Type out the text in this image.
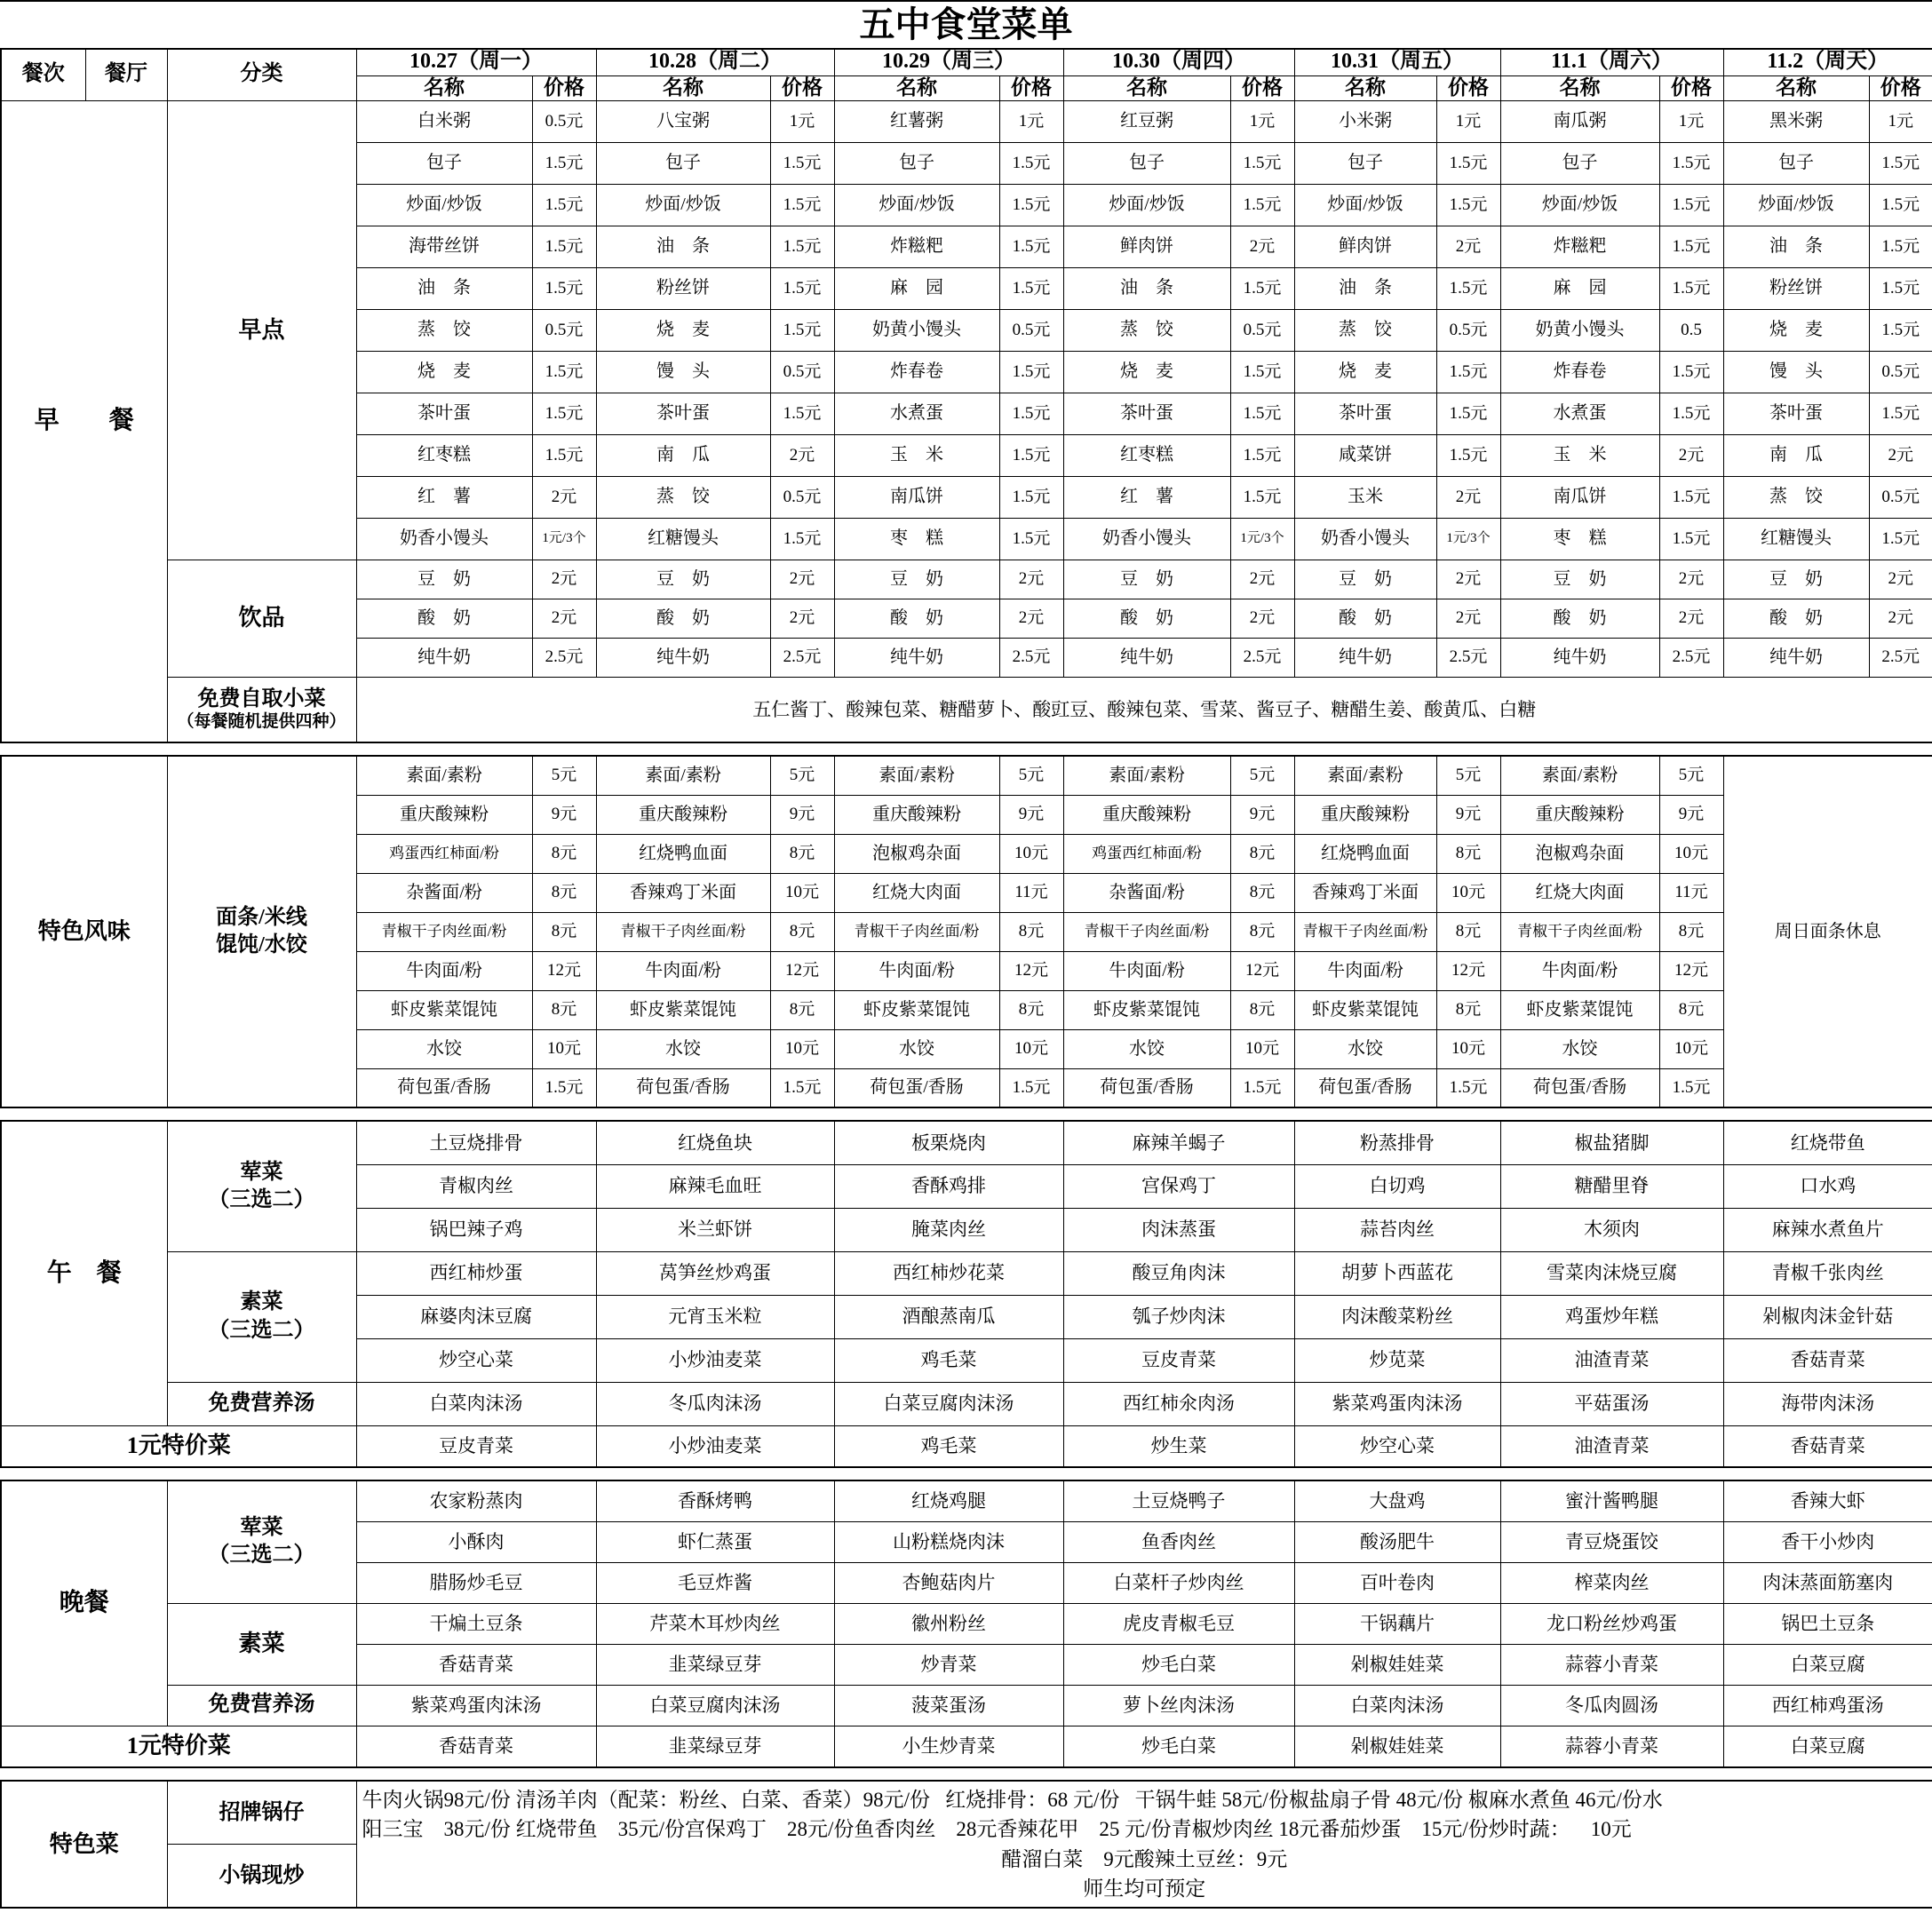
五中食堂菜单
餐次	餐厅	分类	10.27（周一）		10.28（周二）		10.29（周三）		10.30（周四）		10.31（周五）		11.1（周六）		11.2（周天）	
			名称	价格	名称	价格	名称	价格	名称	价格	名称	价格	名称	价格	名称	价格
早　　餐		早点	白米粥	0.5元	八宝粥	1元	红薯粥	1元	红豆粥	1元	小米粥	1元	南瓜粥	1元	黑米粥	1元
			包子	1.5元	包子	1.5元	包子	1.5元	包子	1.5元	包子	1.5元	包子	1.5元	包子	1.5元
			炒面/炒饭	1.5元	炒面/炒饭	1.5元	炒面/炒饭	1.5元	炒面/炒饭	1.5元	炒面/炒饭	1.5元	炒面/炒饭	1.5元	炒面/炒饭	1.5元
			海带丝饼	1.5元	油　条	1.5元	炸糍粑	1.5元	鲜肉饼	2元	鲜肉饼	2元	炸糍粑	1.5元	油　条	1.5元
			油　条	1.5元	粉丝饼	1.5元	麻　园	1.5元	油　条	1.5元	油　条	1.5元	麻　园	1.5元	粉丝饼	1.5元
			蒸　饺	0.5元	烧　麦	1.5元	奶黄小馒头	0.5元	蒸　饺	0.5元	蒸　饺	0.5元	奶黄小馒头	0.5	烧　麦	1.5元
			烧　麦	1.5元	馒　头	0.5元	炸春卷	1.5元	烧　麦	1.5元	烧　麦	1.5元	炸春卷	1.5元	馒　头	0.5元
			茶叶蛋	1.5元	茶叶蛋	1.5元	水煮蛋	1.5元	茶叶蛋	1.5元	茶叶蛋	1.5元	水煮蛋	1.5元	茶叶蛋	1.5元
			红枣糕	1.5元	南　瓜	2元	玉　米	1.5元	红枣糕	1.5元	咸菜饼	1.5元	玉　米	2元	南　瓜	2元
			红　薯	2元	蒸　饺	0.5元	南瓜饼	1.5元	红　薯	1.5元	玉米	2元	南瓜饼	1.5元	蒸　饺	0.5元
			奶香小馒头	1元/3个	红糖馒头	1.5元	枣　糕	1.5元	奶香小馒头	1元/3个	奶香小馒头	1元/3个	枣　糕	1.5元	红糖馒头	1.5元
		饮品	豆　奶	2元	豆　奶	2元	豆　奶	2元	豆　奶	2元	豆　奶	2元	豆　奶	2元	豆　奶	2元
			酸　奶	2元	酸　奶	2元	酸　奶	2元	酸　奶	2元	酸　奶	2元	酸　奶	2元	酸　奶	2元
			纯牛奶	2.5元	纯牛奶	2.5元	纯牛奶	2.5元	纯牛奶	2.5元	纯牛奶	2.5元	纯牛奶	2.5元	纯牛奶	2.5元

		免费自取小菜
（每餐随机提供四种）	五仁酱丁、酸辣包菜、糖醋萝卜、酸豇豆、酸辣包菜、雪菜、酱豆子、糖醋生姜、酸黄瓜、白糖													
特色风味	面条/米线
馄饨/水饺	素面/素粉	5元	素面/素粉	5元	素面/素粉	5元	素面/素粉	5元	素面/素粉	5元	素面/素粉	5元	周日面条休息
		重庆酸辣粉	9元	重庆酸辣粉	9元	重庆酸辣粉	9元	重庆酸辣粉	9元	重庆酸辣粉	9元	重庆酸辣粉	9元	
		鸡蛋西红柿面/粉	8元	红烧鸭血面	8元	泡椒鸡杂面	10元	鸡蛋西红柿面/粉	8元	红烧鸭血面	8元	泡椒鸡杂面	10元	
		杂酱面/粉	8元	香辣鸡丁米面	10元	红烧大肉面	11元	杂酱面/粉	8元	香辣鸡丁米面	10元	红烧大肉面	11元	
		青椒干子肉丝面/粉	8元	青椒干子肉丝面/粉	8元	青椒干子肉丝面/粉	8元	青椒干子肉丝面/粉	8元	青椒干子肉丝面/粉	8元	青椒干子肉丝面/粉	8元	
		牛肉面/粉	12元	牛肉面/粉	12元	牛肉面/粉	12元	牛肉面/粉	12元	牛肉面/粉	12元	牛肉面/粉	12元	
		虾皮紫菜馄饨	8元	虾皮紫菜馄饨	8元	虾皮紫菜馄饨	8元	虾皮紫菜馄饨	8元	虾皮紫菜馄饨	8元	虾皮紫菜馄饨	8元	
		水饺	10元	水饺	10元	水饺	10元	水饺	10元	水饺	10元	水饺	10元	
		荷包蛋/香肠	1.5元	荷包蛋/香肠	1.5元	荷包蛋/香肠	1.5元	荷包蛋/香肠	1.5元	荷包蛋/香肠	1.5元	荷包蛋/香肠	1.5元	
午　餐	荤菜
（三选二）	土豆烧排骨	红烧鱼块	板栗烧肉	麻辣羊蝎子	粉蒸排骨	椒盐猪脚	红烧带鱼
		青椒肉丝	麻辣毛血旺	香酥鸡排	宫保鸡丁	白切鸡	糖醋里脊	口水鸡
		锅巴辣子鸡	米兰虾饼	腌菜肉丝	肉沫蒸蛋	蒜苔肉丝	木须肉	麻辣水煮鱼片

	素菜
（三选二）	西红柿炒蛋	莴笋丝炒鸡蛋	西红柿炒花菜	酸豆角肉沫	胡萝卜西蓝花	雪菜肉沫烧豆腐	青椒千张肉丝
		麻婆肉沫豆腐	元宵玉米粒	酒酿蒸南瓜	瓠子炒肉沫	肉沫酸菜粉丝	鸡蛋炒年糕	剁椒肉沫金针菇
		炒空心菜	小炒油麦菜	鸡毛菜	豆皮青菜	炒苋菜	油渣青菜	香菇青菜
	免费营养汤	白菜肉沫汤	冬瓜肉沫汤	白菜豆腐肉沫汤	西红柿氽肉汤	紫菜鸡蛋肉沫汤	平菇蛋汤	海带肉沫汤
1元特价菜		豆皮青菜	小炒油麦菜	鸡毛菜	炒生菜	炒空心菜	油渣青菜	香菇青菜
晚餐	荤菜
（三选二）	农家粉蒸肉	香酥烤鸭	红烧鸡腿	土豆烧鸭子	大盘鸡	蜜汁酱鸭腿	香辣大虾
		小酥肉	虾仁蒸蛋	山粉糕烧肉沫	鱼香肉丝	酸汤肥牛	青豆烧蛋饺	香干小炒肉
		腊肠炒毛豆	毛豆炸酱	杏鲍菇肉片	白菜杆子炒肉丝	百叶卷肉	榨菜肉丝	肉沫蒸面筋塞肉
	素菜	干煸土豆条	芹菜木耳炒肉丝	徽州粉丝	虎皮青椒毛豆	干锅藕片	龙口粉丝炒鸡蛋	锅巴土豆条
		香菇青菜	韭菜绿豆芽	炒青菜	炒毛白菜	剁椒娃娃菜	蒜蓉小青菜	白菜豆腐
	免费营养汤	紫菜鸡蛋肉沫汤	白菜豆腐肉沫汤	菠菜蛋汤	萝卜丝肉沫汤	白菜肉沫汤	冬瓜肉圆汤	西红柿鸡蛋汤
1元特价菜		香菇青菜	韭菜绿豆芽	小生炒青菜	炒毛白菜	剁椒娃娃菜	蒜蓉小青菜	白菜豆腐
特色菜	招牌锅仔	
牛肉火锅98元/份 清汤羊肉（配菜：粉丝、白菜、香菜）98元/份   红烧排骨：68 元/份   干锅牛蛙 58元/份椒盐扇子骨 48元/份 椒麻水煮鱼 46元/份水
阳三宝    38元/份 红烧带鱼    35元/份宫保鸡丁    28元/份鱼香肉丝    28元香辣花甲    25 元/份青椒炒肉丝 18元番茄炒蛋    15元/份炒时蔬：    10元
醋溜白菜    9元酸辣土豆丝：9元
师生均可预定

小锅现炒
